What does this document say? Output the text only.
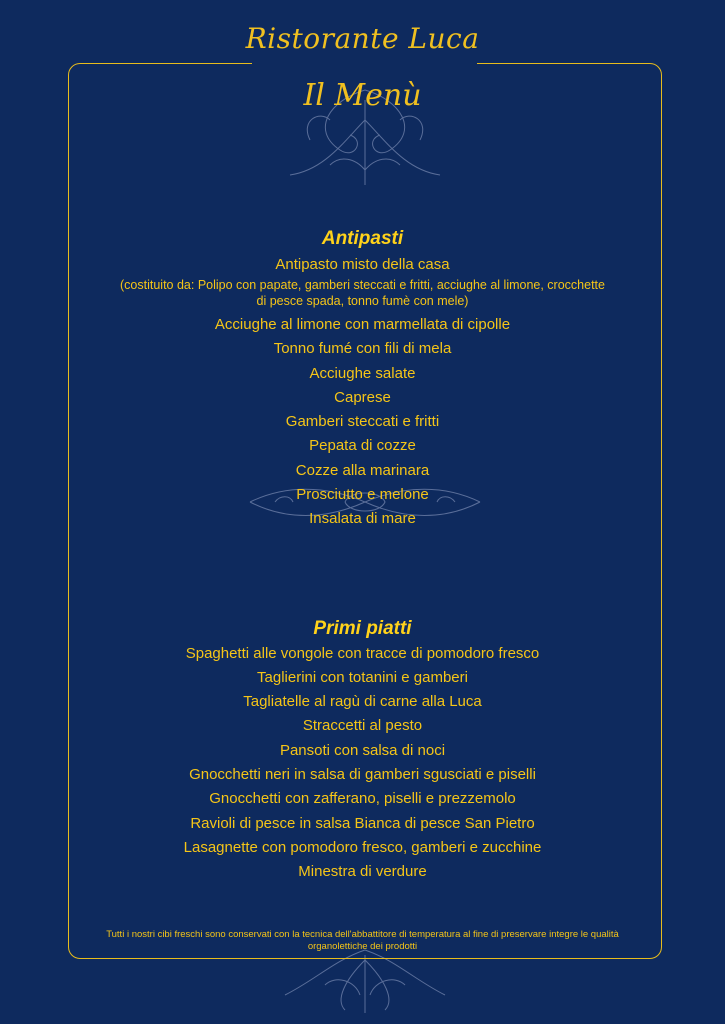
Ristorante Luca
Il Menù
Antipasti
Antipasto misto della casa
(costituito da: Polipo con papate, gamberi steccati e fritti, acciughe al limone, crocchette
di pesce spada, tonno fumè con mele)
Acciughe al limone con marmellata di cipolle
Tonno fumé con fili di mela
Acciughe salate
Caprese
Gamberi steccati e fritti
Pepata di cozze
Cozze alla marinara
Prosciutto e melone
Insalata di mare
Primi piatti
Spaghetti alle vongole con tracce di pomodoro fresco
Taglierini con totanini e gamberi
Tagliatelle al ragù di carne alla Luca
Straccetti al pesto
Pansoti con salsa di noci
Gnocchetti neri in salsa di gamberi sgusciati e piselli
Gnocchetti con zafferano, piselli e prezzemolo
Ravioli di pesce in salsa Bianca di pesce San Pietro
Lasagnette con pomodoro fresco, gamberi e zucchine
Minestra di verdure
Tutti i nostri cibi freschi sono conservati con la tecnica dell'abbattitore di temperatura al fine di preservare integre le qualità
organolettiche dei prodotti
